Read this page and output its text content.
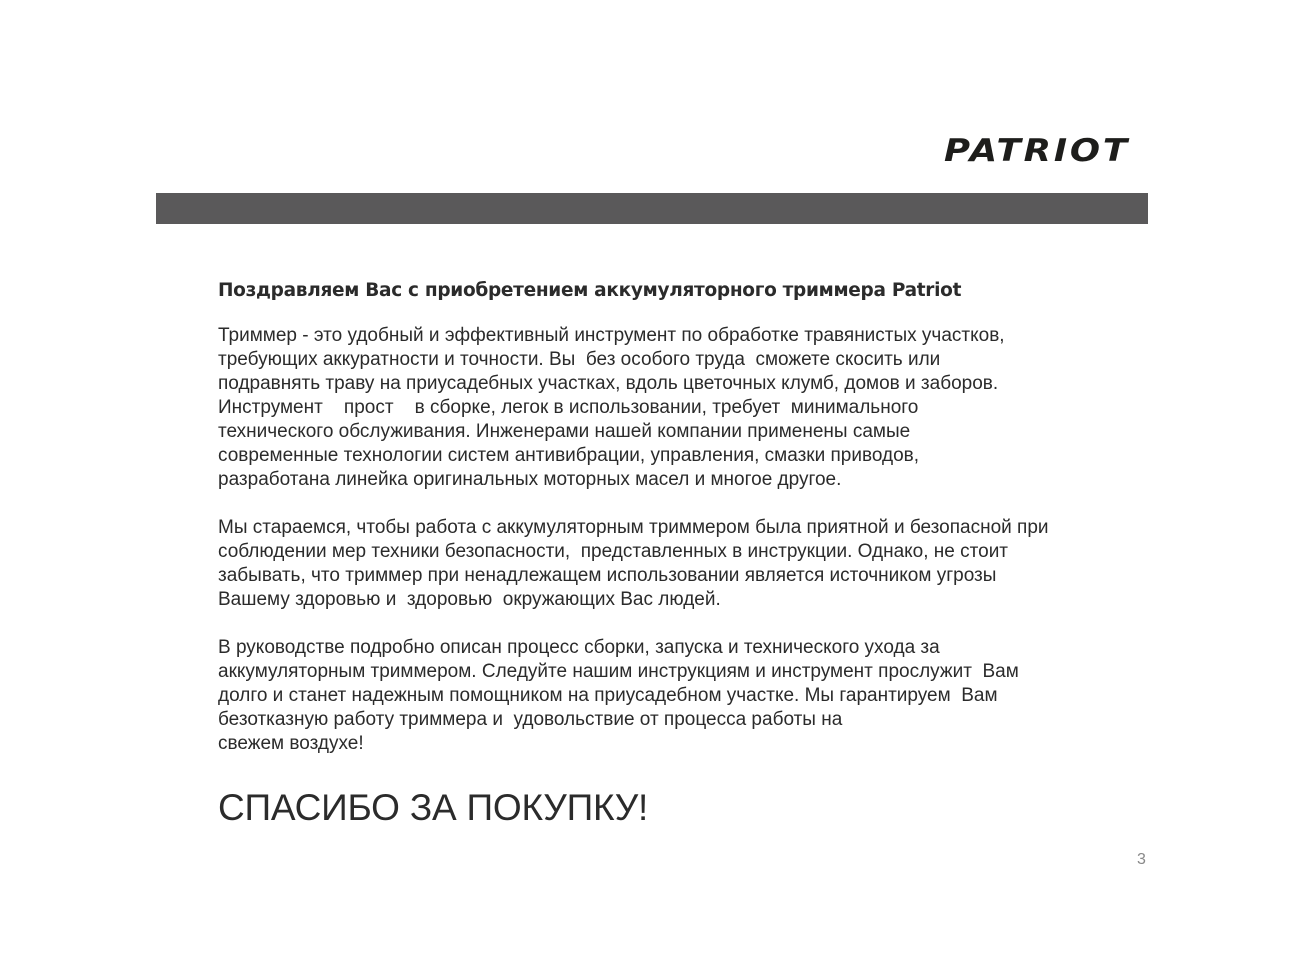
PATRIOT
Поздравляем Вас с приобретением аккумуляторного триммера Patriot
Триммер - это удобный и эффективный инструмент по обработке травянистых участков,
требующих аккуратности и точности. Вы  без особого труда  сможете скосить или
подравнять траву на приусадебных участках, вдоль цветочных клумб, домов и заборов.
Инструмент    прост    в сборке, легок в использовании, требует  минимального
технического обслуживания. Инженерами нашей компании применены самые
современные технологии систем антивибрации, управления, смазки приводов,
разработана линейка оригинальных моторных масел и многое другое.
Мы стараемся, чтобы работа с аккумуляторным триммером была приятной и безопасной при
соблюдении мер техники безопасности,  представленных в инструкции. Однако, не стоит
забывать, что триммер при ненадлежащем использовании является источником угрозы
Вашему здоровью и  здоровью  окружающих Вас людей.
В руководстве подробно описан процесс сборки, запуска и технического ухода за
аккумуляторным триммером. Следуйте нашим инструкциям и инструмент прослужит  Вам
долго и станет надежным помощником на приусадебном участке. Мы гарантируем  Вам
безотказную работу триммера и  удовольствие от процесса работы на
свежем воздухе!
СПАСИБО ЗА ПОКУПКУ!
3
